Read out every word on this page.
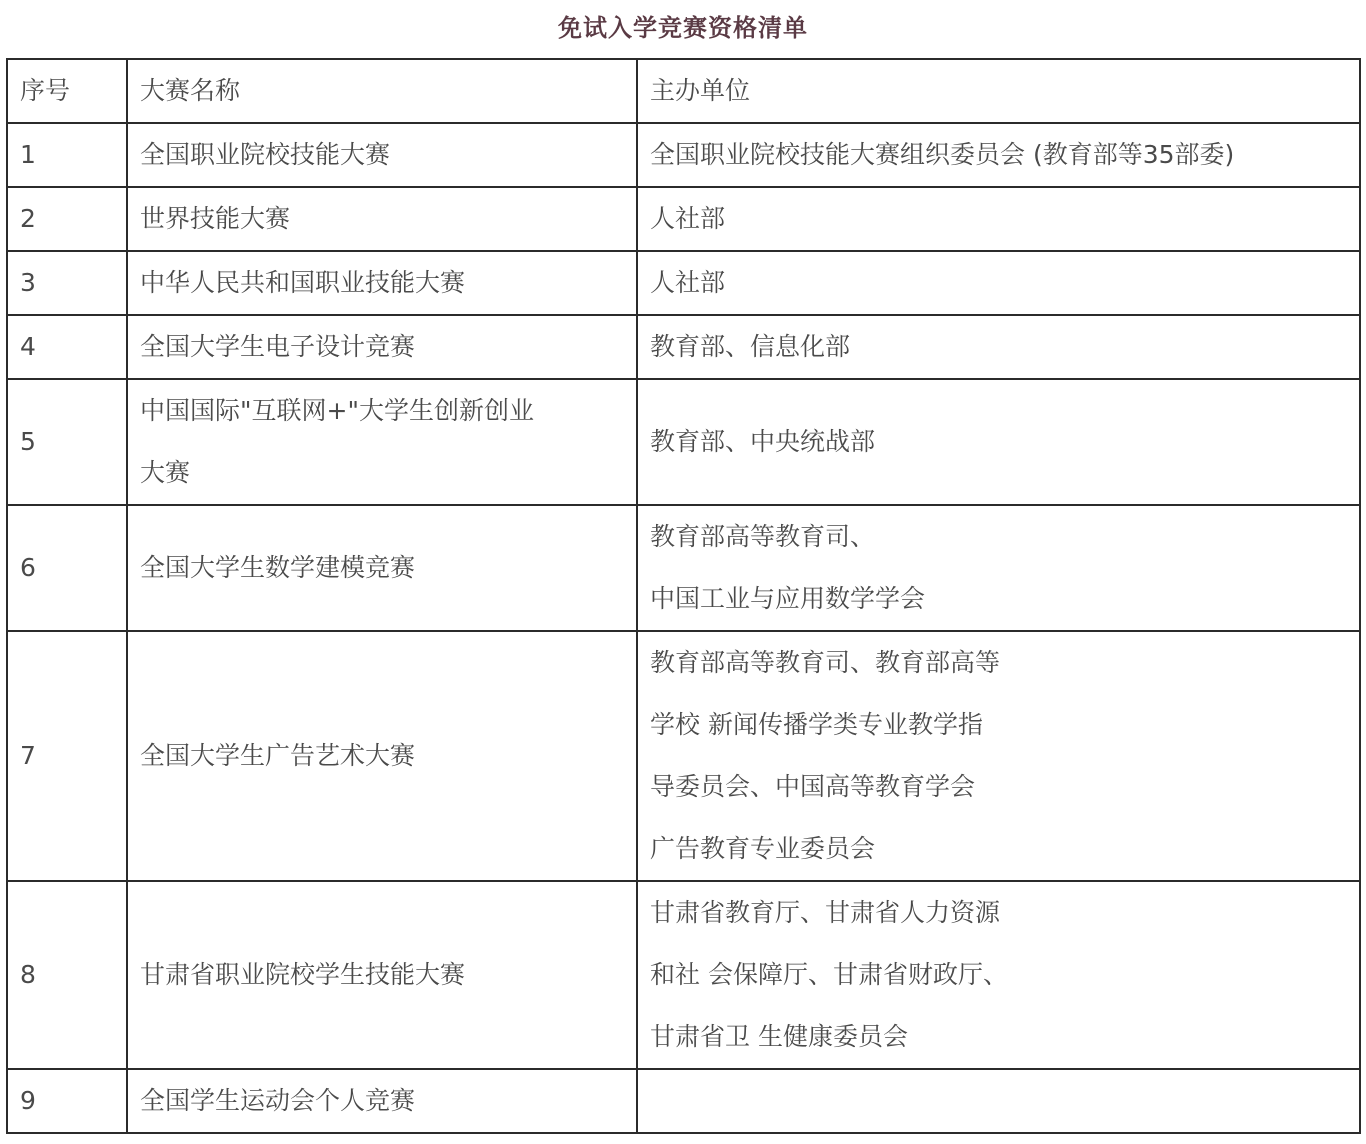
免试入学竞赛资格清单
序号	大赛名称	主办单位
1	全国职业院校技能大赛	全国职业院校技能大赛组织委员会 (教育部等35部委)

2	世界技能大赛	人社部

3	中华人民共和国职业技能大赛	人社部

4	全国大学生电子设计竞赛	教育部、信息化部

5	中国国际"互联网+"大学生创新创业
大赛	教育部、中央统战部

6	全国大学生数学建模竞赛	教育部高等教育司、
中国工业与应用数学学会

7	全国大学生广告艺术大赛	教育部高等教育司、教育部高等
学校 新闻传播学类专业教学指
导委员会、中国高等教育学会
广告教育专业委员会

8	甘肃省职业院校学生技能大赛	甘肃省教育厅、甘肃省人力资源
和社 会保障厅、甘肃省财政厅、
甘肃省卫 生健康委员会

9	全国学生运动会个人竞赛	
